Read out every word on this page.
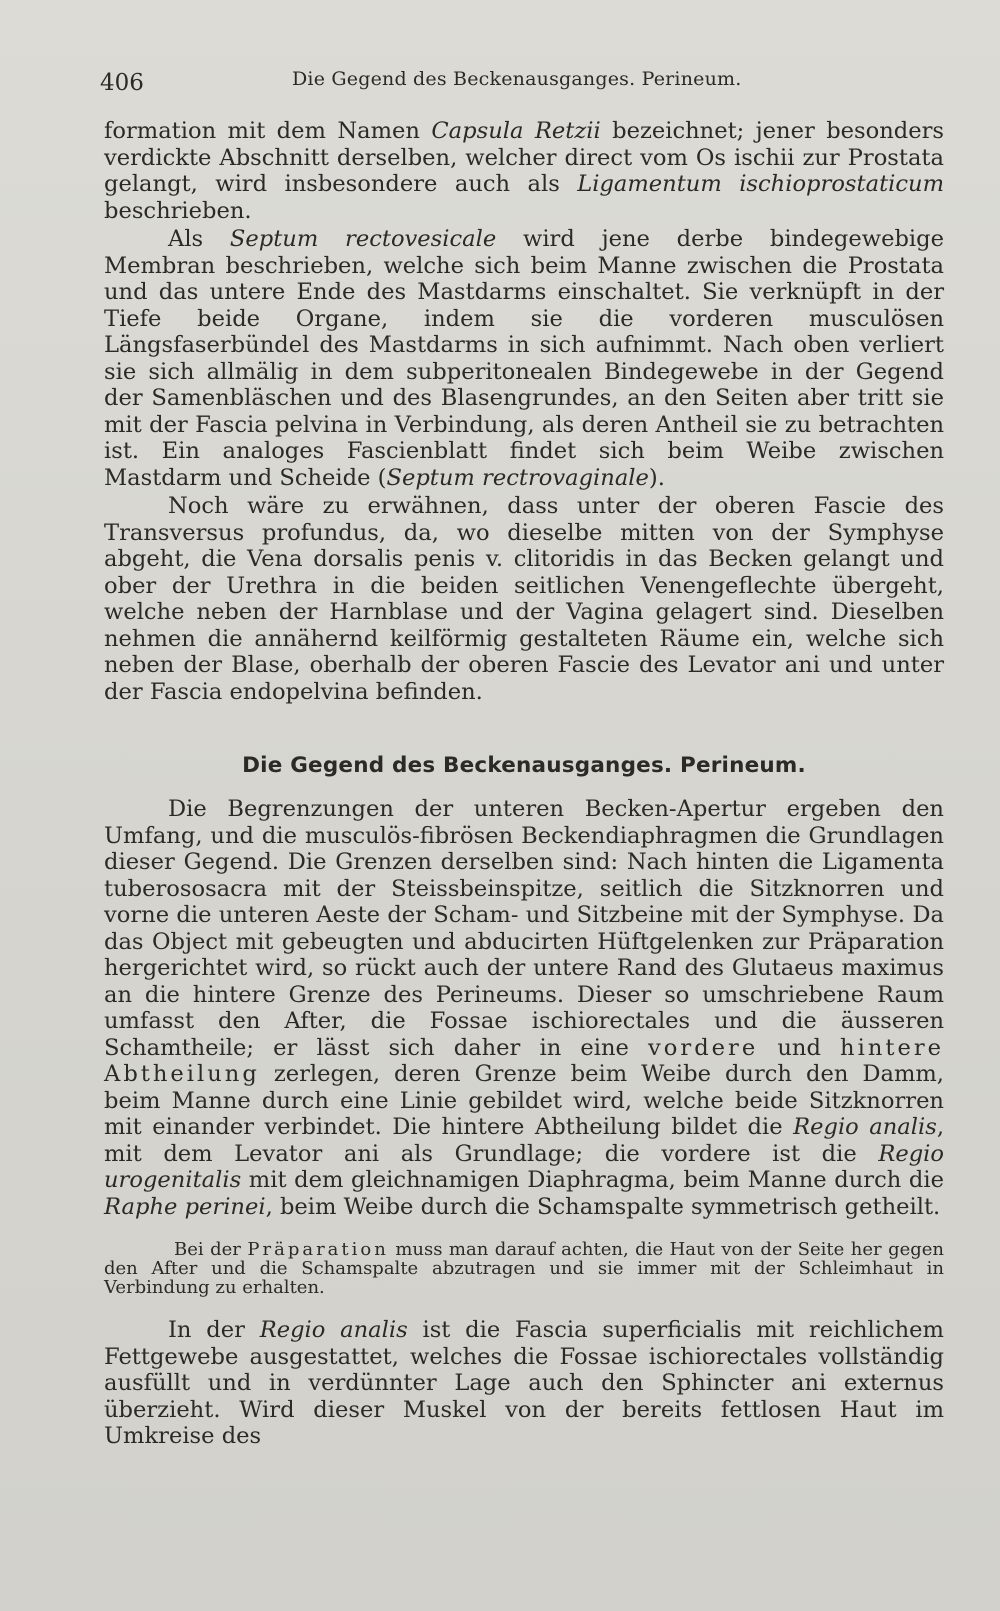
406	Die Gegend des Beckenausganges. Perineum.

formation mit dem Namen Capsula Retzii bezeichnet; jener besonders verdickte Abschnitt derselben, welcher direct vom Os ischii zur Prostata gelangt, wird insbesondere auch als Ligamentum ischioprostaticum beschrieben.

Als Septum rectovesicale wird jene derbe bindegewebige Membran beschrieben, welche sich beim Manne zwischen die Prostata und das untere Ende des Mastdarms einschaltet. Sie verknüpft in der Tiefe beide Organe, indem sie die vorderen musculösen Längsfaserbündel des Mastdarms in sich aufnimmt. Nach oben verliert sie sich allmälig in dem subperitonealen Bindegewebe in der Gegend der Samenbläschen und des Blasengrundes, an den Seiten aber tritt sie mit der Fascia pelvina in Verbindung, als deren Antheil sie zu betrachten ist. Ein analoges Fascienblatt findet sich beim Weibe zwischen Mastdarm und Scheide (Septum rectrovaginale).

Noch wäre zu erwähnen, dass unter der oberen Fascie des Transversus profundus, da, wo dieselbe mitten von der Symphyse abgeht, die Vena dorsalis penis v. clitoridis in das Becken gelangt und ober der Urethra in die beiden seitlichen Venengeflechte übergeht, welche neben der Harnblase und der Vagina gelagert sind. Dieselben nehmen die annähernd keilförmig gestalteten Räume ein, welche sich neben der Blase, oberhalb der oberen Fascie des Levator ani und unter der Fascia endopelvina befinden.

Die Gegend des Beckenausganges. Perineum.

Die Begrenzungen der unteren Becken-Apertur ergeben den Umfang, und die musculös-fibrösen Beckendiaphragmen die Grundlagen dieser Gegend. Die Grenzen derselben sind: Nach hinten die Ligamenta tuberososacra mit der Steissbeinspitze, seitlich die Sitzknorren und vorne die unteren Aeste der Scham- und Sitzbeine mit der Symphyse. Da das Object mit gebeugten und abducirten Hüftgelenken zur Präparation hergerichtet wird, so rückt auch der untere Rand des Glutaeus maximus an die hintere Grenze des Perineums. Dieser so umschriebene Raum umfasst den After, die Fossae ischiorectales und die äusseren Schamtheile; er lässt sich daher in eine vordere und hintere Abtheilung zerlegen, deren Grenze beim Weibe durch den Damm, beim Manne durch eine Linie gebildet wird, welche beide Sitzknorren mit einander verbindet. Die hintere Abtheilung bildet die Regio analis, mit dem Levator ani als Grundlage; die vordere ist die Regio urogenitalis mit dem gleichnamigen Diaphragma, beim Manne durch die Raphe perinei, beim Weibe durch die Schamspalte symmetrisch getheilt.

Bei der Präparation muss man darauf achten, die Haut von der Seite her gegen den After und die Schamspalte abzutragen und sie immer mit der Schleimhaut in Verbindung zu erhalten.

In der Regio analis ist die Fascia superficialis mit reichlichem Fettgewebe ausgestattet, welches die Fossae ischiorectales vollständig ausfüllt und in verdünnter Lage auch den Sphincter ani externus überzieht. Wird dieser Muskel von der bereits fettlosen Haut im Umkreise des
